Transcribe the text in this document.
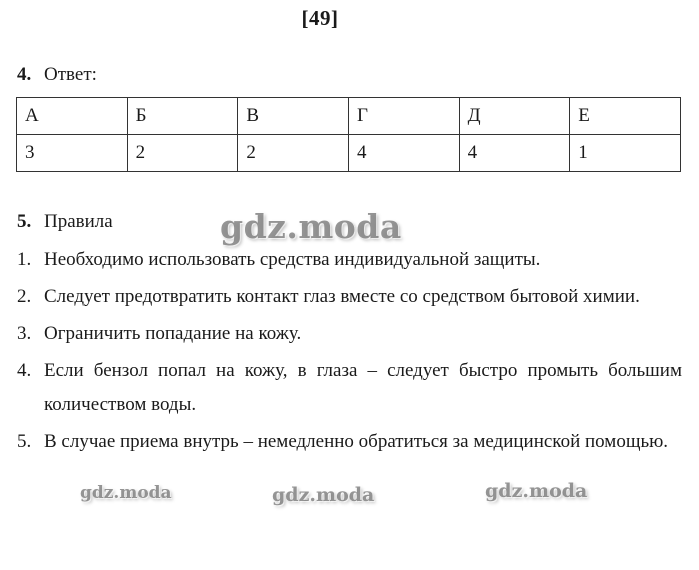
[49]
4. Ответ:
А	Б	В	Г	Д	Е
3	2	2	4	4	1
5. Правила
1. Необходимо использовать средства индивидуальной защиты.
2. Следует предотвратить контакт глаз вместе со средством бытовой химии.
3. Ограничить попадание на кожу.
4. Если бензол попал на кожу, в глаза – следует быстро промыть большим количеством воды.
5. В случае приема внутрь – немедленно обратиться за медицинской помощью.
gdz.moda
gdz.moda	gdz.moda	gdz.moda
